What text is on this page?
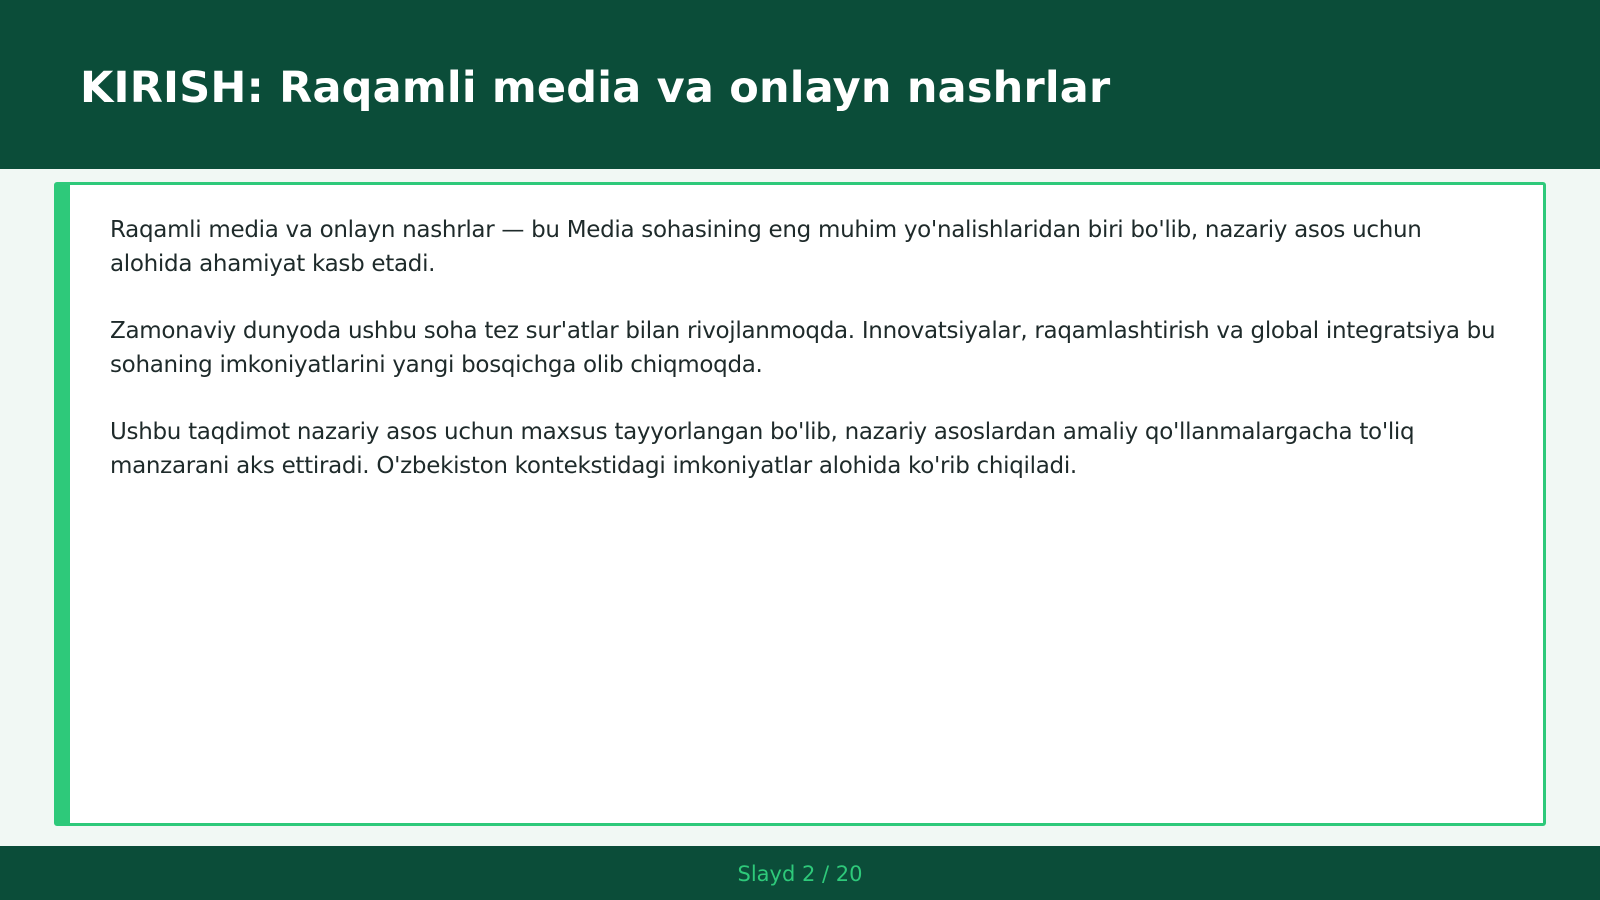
KIRISH: Raqamli media va onlayn nashrlar

Raqamli media va onlayn nashrlar — bu Media sohasining eng muhim yo'nalishlaridan biri bo'lib, nazariy asos uchun alohida ahamiyat kasb etadi.

Zamonaviy dunyoda ushbu soha tez sur'atlar bilan rivojlanmoqda. Innovatsiyalar, raqamlashtirish va global integratsiya bu sohaning imkoniyatlarini yangi bosqichga olib chiqmoqda.

Ushbu taqdimot nazariy asos uchun maxsus tayyorlangan bo'lib, nazariy asoslardan amaliy qo'llanmalargacha to'liq manzarani aks ettiradi. O'zbekiston kontekstidagi imkoniyatlar alohida ko'rib chiqiladi.

Slayd 2 / 20
